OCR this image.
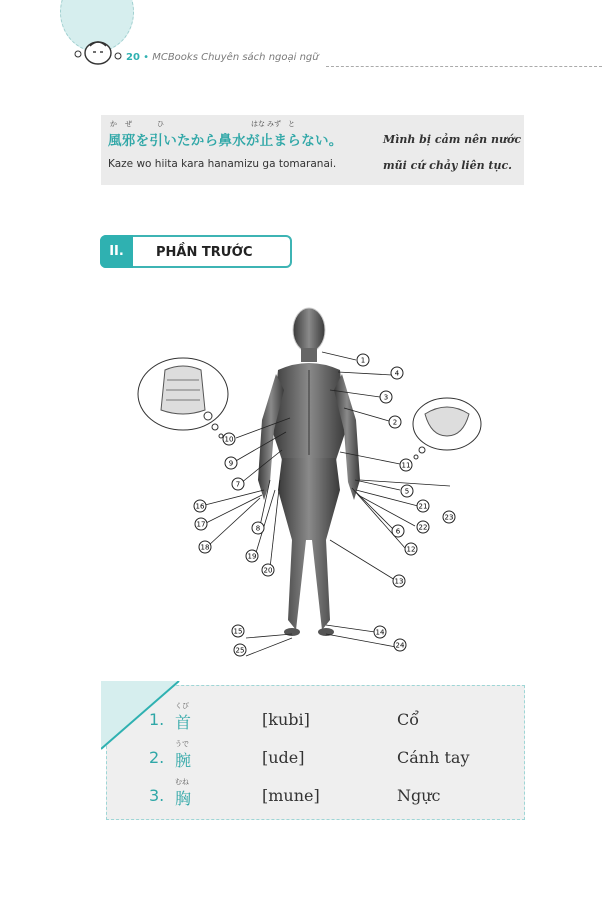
20 • MCBooks Chuyên sách ngoại ngữ
か ぜ	ひ	はな みず と
風邪を引いたから鼻水が止まらない。
Kaze wo hiita kara hanamizu ga tomaranai.
Mình bị cảm nên nước
mũi cứ chảy liên tục.
II.	PHẦN TRƯỚC
1
4
3
2
11
5
21
23
22
6
12
13
10
9
7
16
17	8
18
19
20
15
25
14
24
1.
くび
首	[kubi]	Cổ
2.
うで
腕	[ude]	Cánh tay
3.
むね
胸	[mune]	Ngực
